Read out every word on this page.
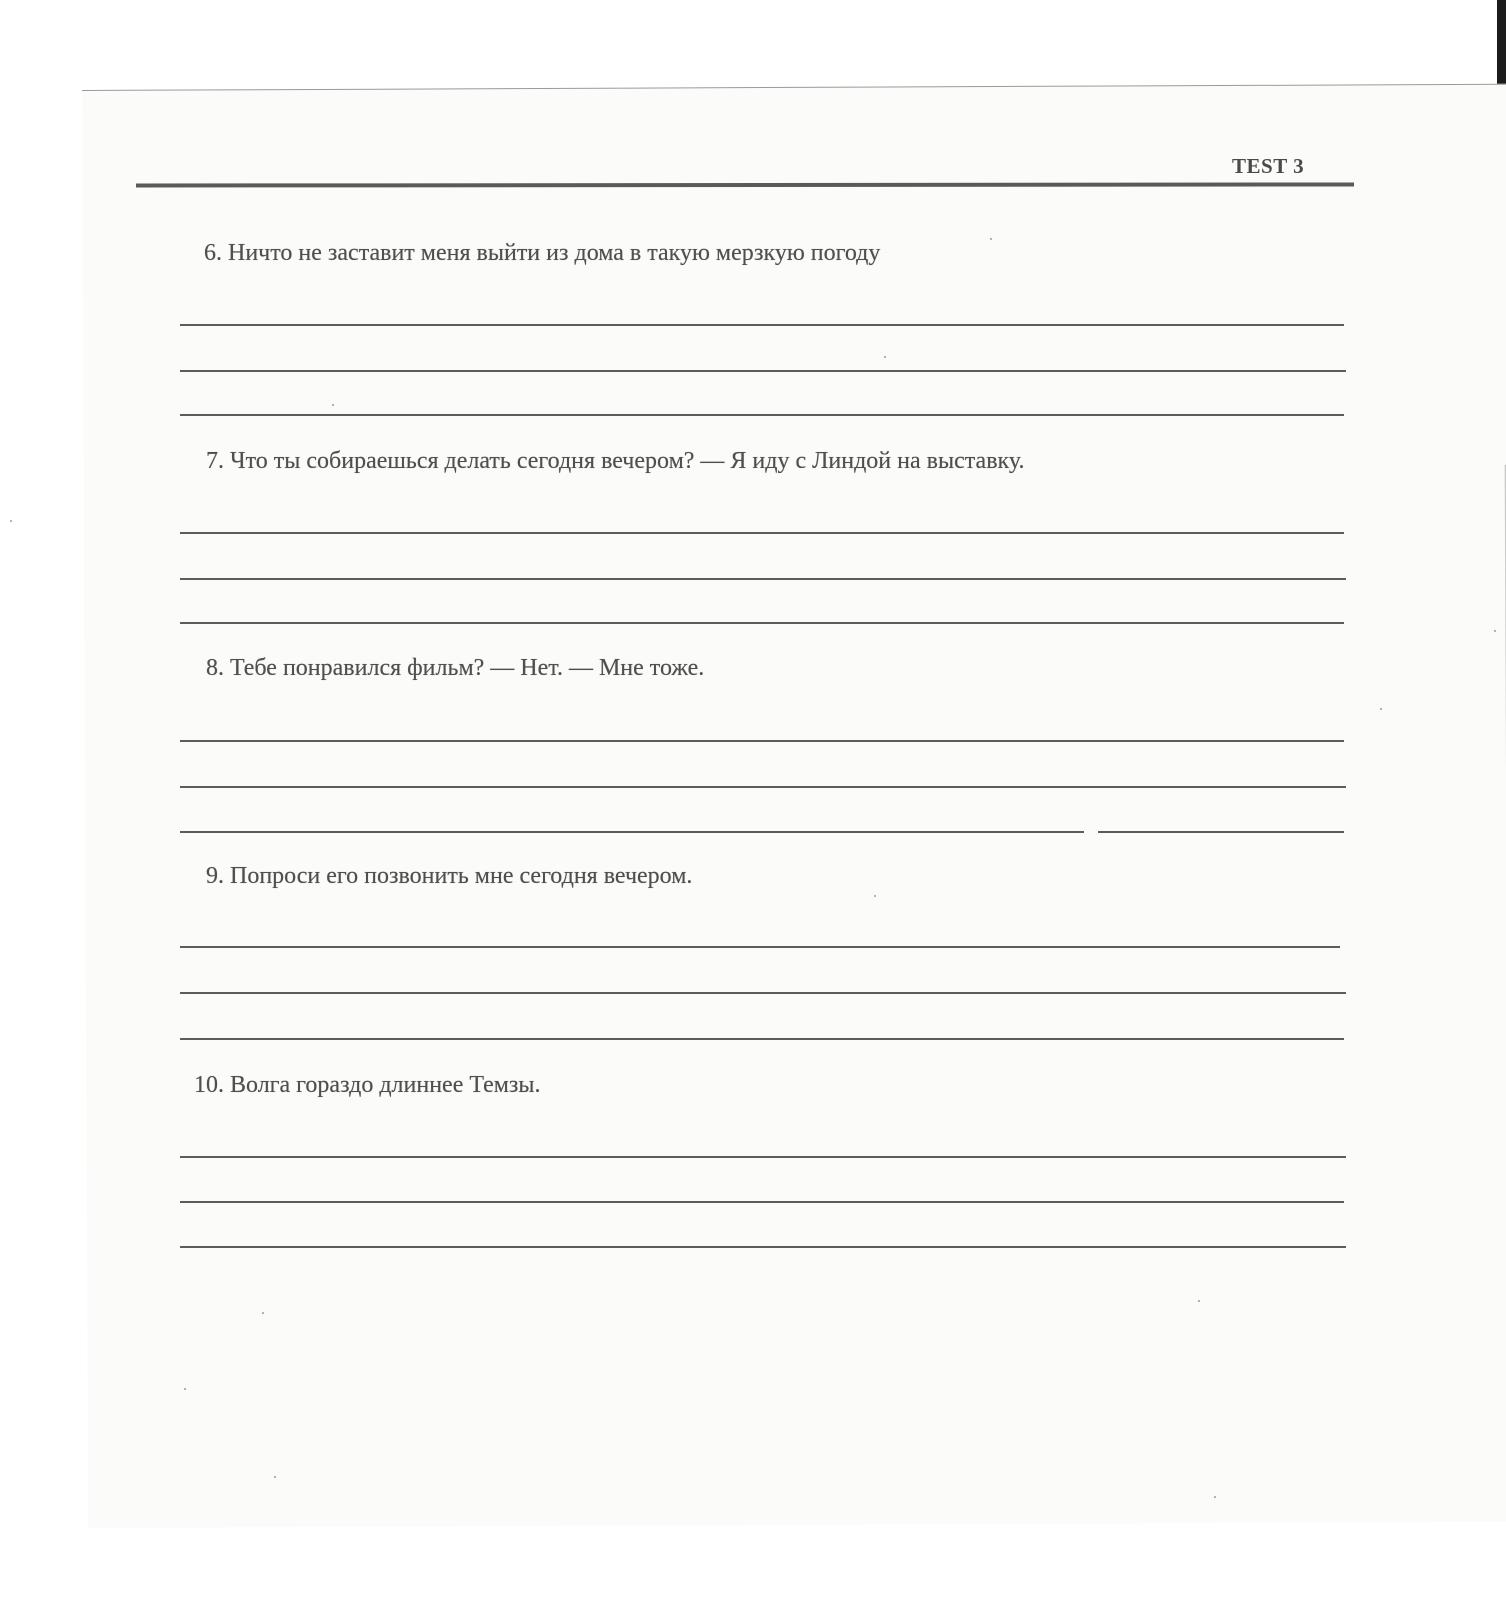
TEST 3
6. Ничто не заставит меня выйти из дома в такую мерзкую погоду
7. Что ты собираешься делать сегодня вечером? — Я иду с Линдой на выставку.
8. Тебе понравился фильм? — Нет. — Мне тоже.
9. Попроси его позвонить мне сегодня вечером.
10. Волга гораздо длиннее Темзы.
